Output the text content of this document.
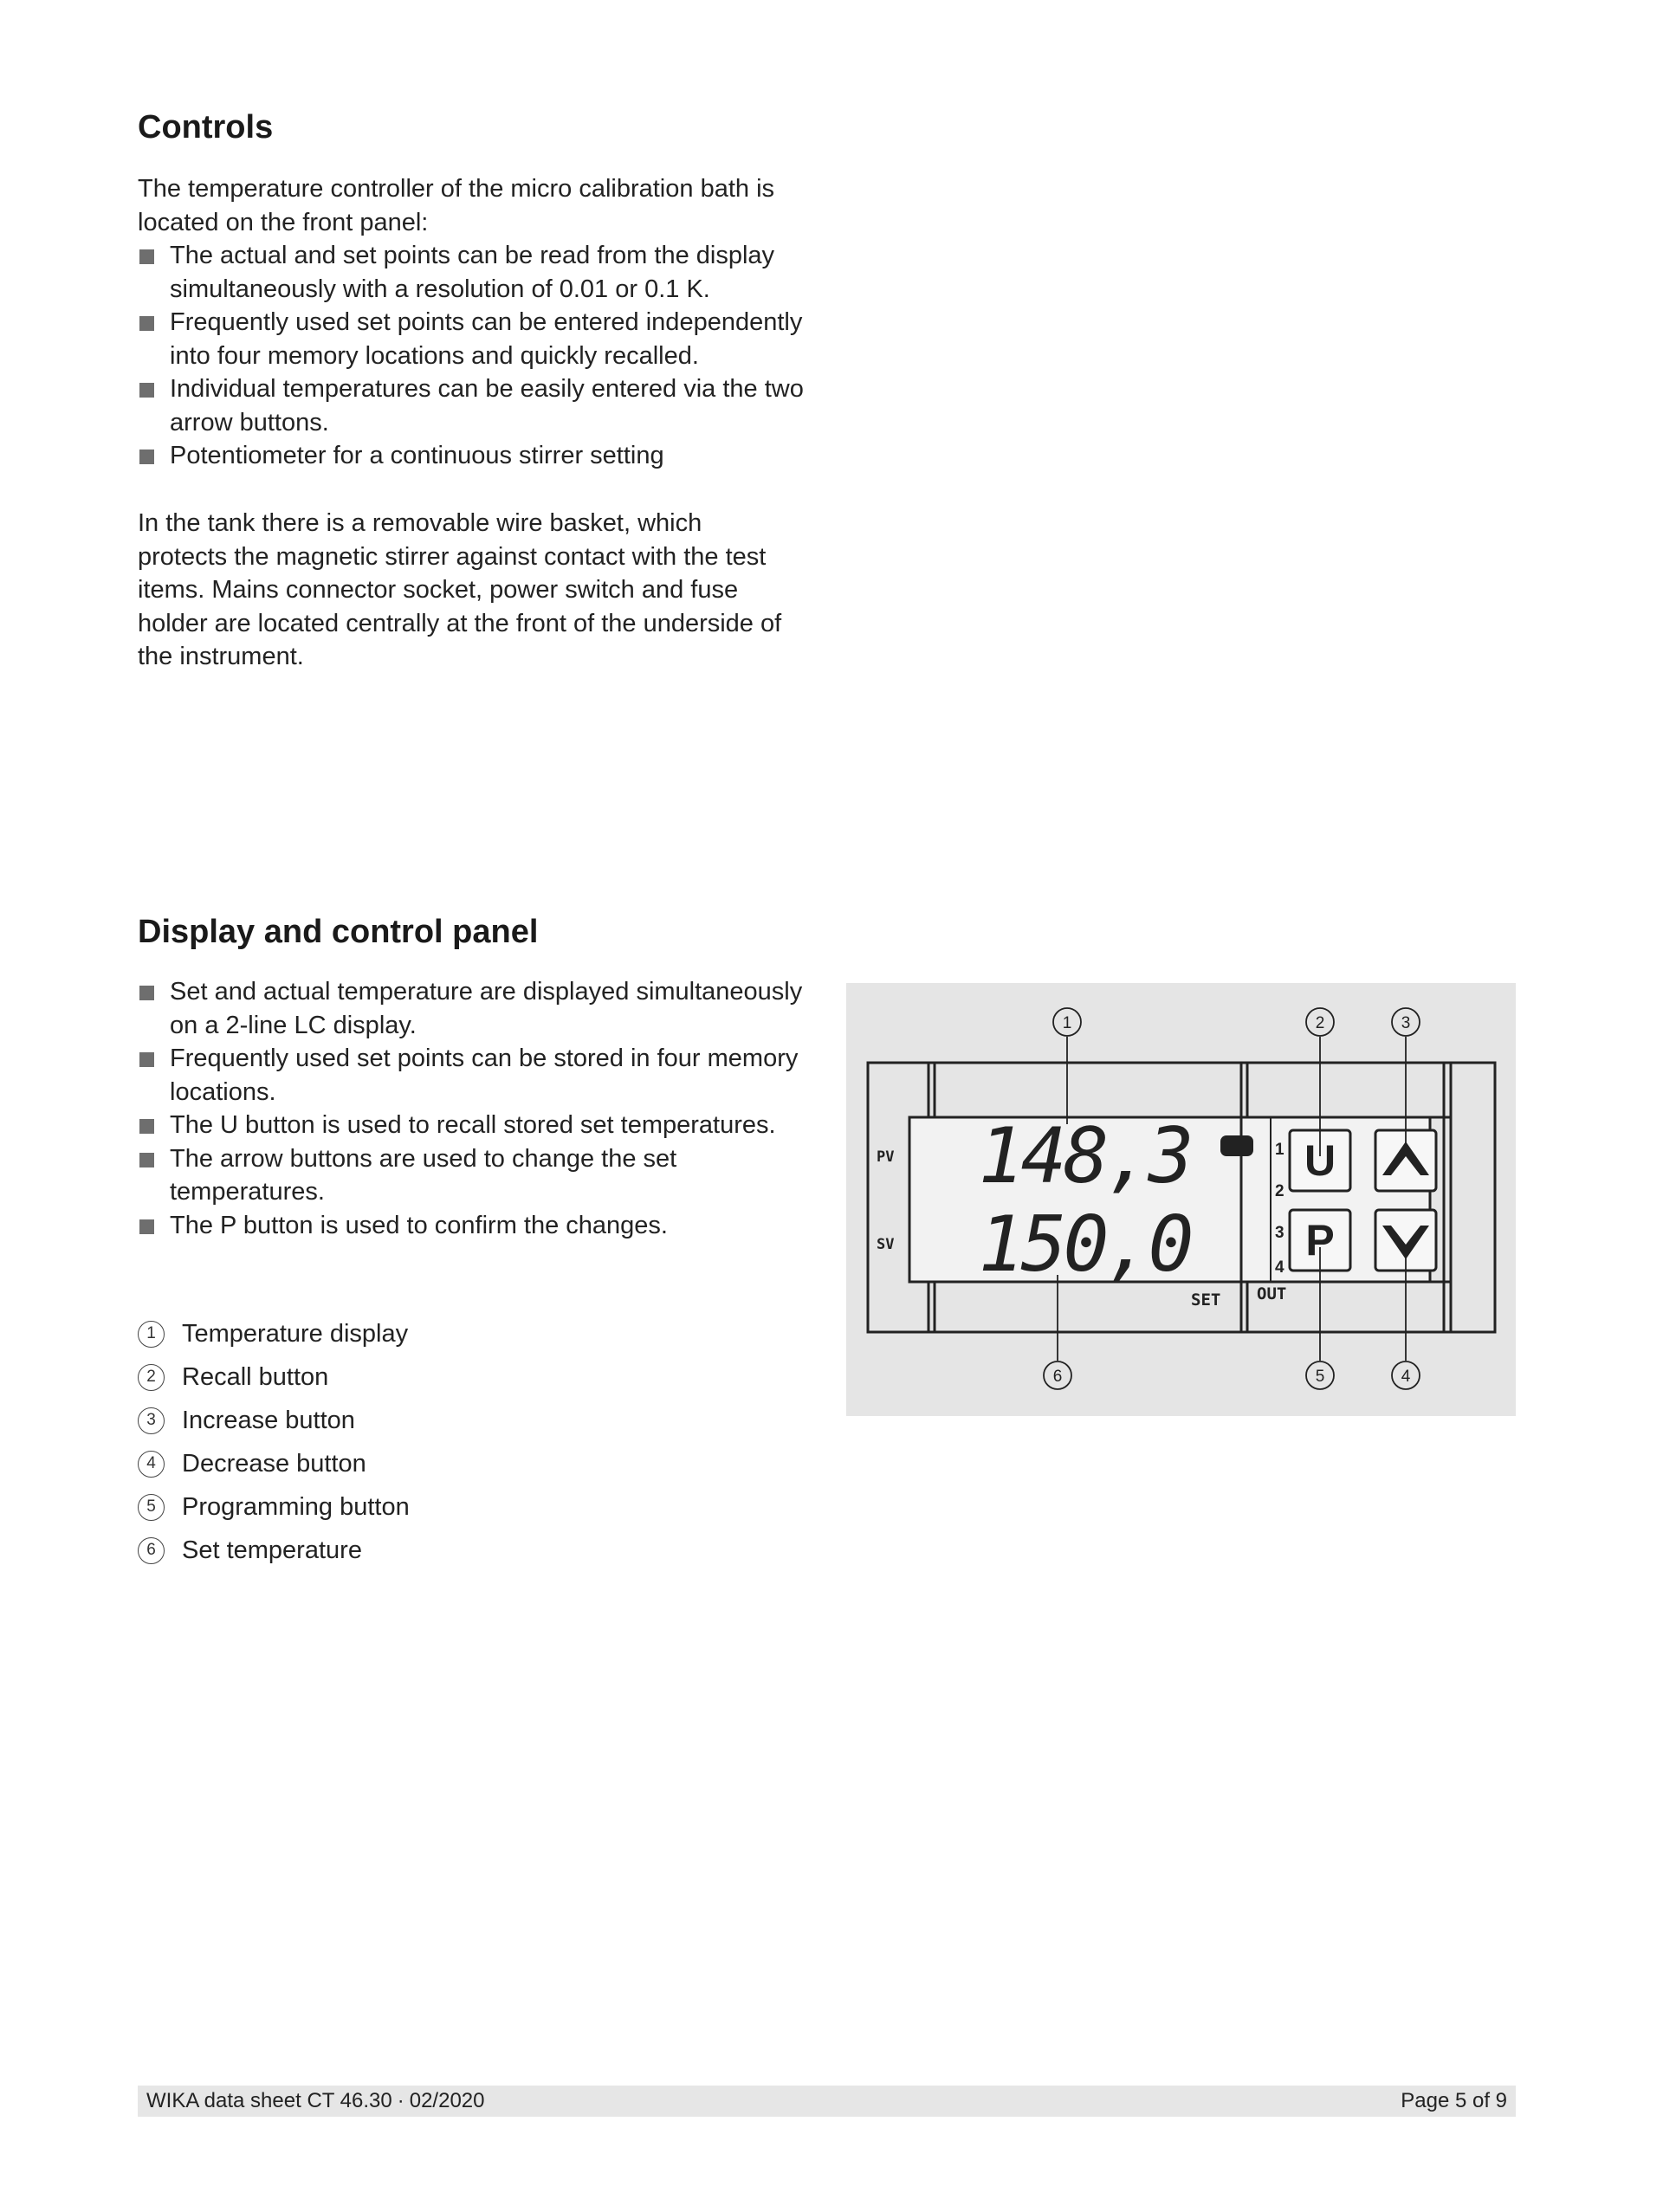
Controls

The temperature controller of the micro calibration bath is located on the front panel:

The actual and set points can be read from the display simultaneously with a resolution of 0.01 or 0.1 K.
Frequently used set points can be entered independently into four memory locations and quickly recalled.
Individual temperatures can be easily entered via the two arrow buttons.
Potentiometer for a continuous stirrer setting

In the tank there is a removable wire basket, which protects the magnetic stirrer against contact with the test items. Mains connector socket, power switch and fuse holder are located centrally at the front of the underside of the instrument.

Display and control panel
Set and actual temperature are displayed simultaneously on a 2-line LC display.
Frequently used set points can be stored in four memory locations.
The U button is used to recall stored set temperatures.
The arrow buttons are used to change the set temperatures.
The P button is used to confirm the changes.
1	Temperature display
2	Recall button
3	Increase button
4	Decrease button
5	Programming button
6	Set temperature
PV
SV
148,3
150,0
1
2
3
4
SET OUT
U
P
1	2	3
6	5	4
WIKA data sheet CT 46.30 ∙ 02/2020	Page 5 of 9
